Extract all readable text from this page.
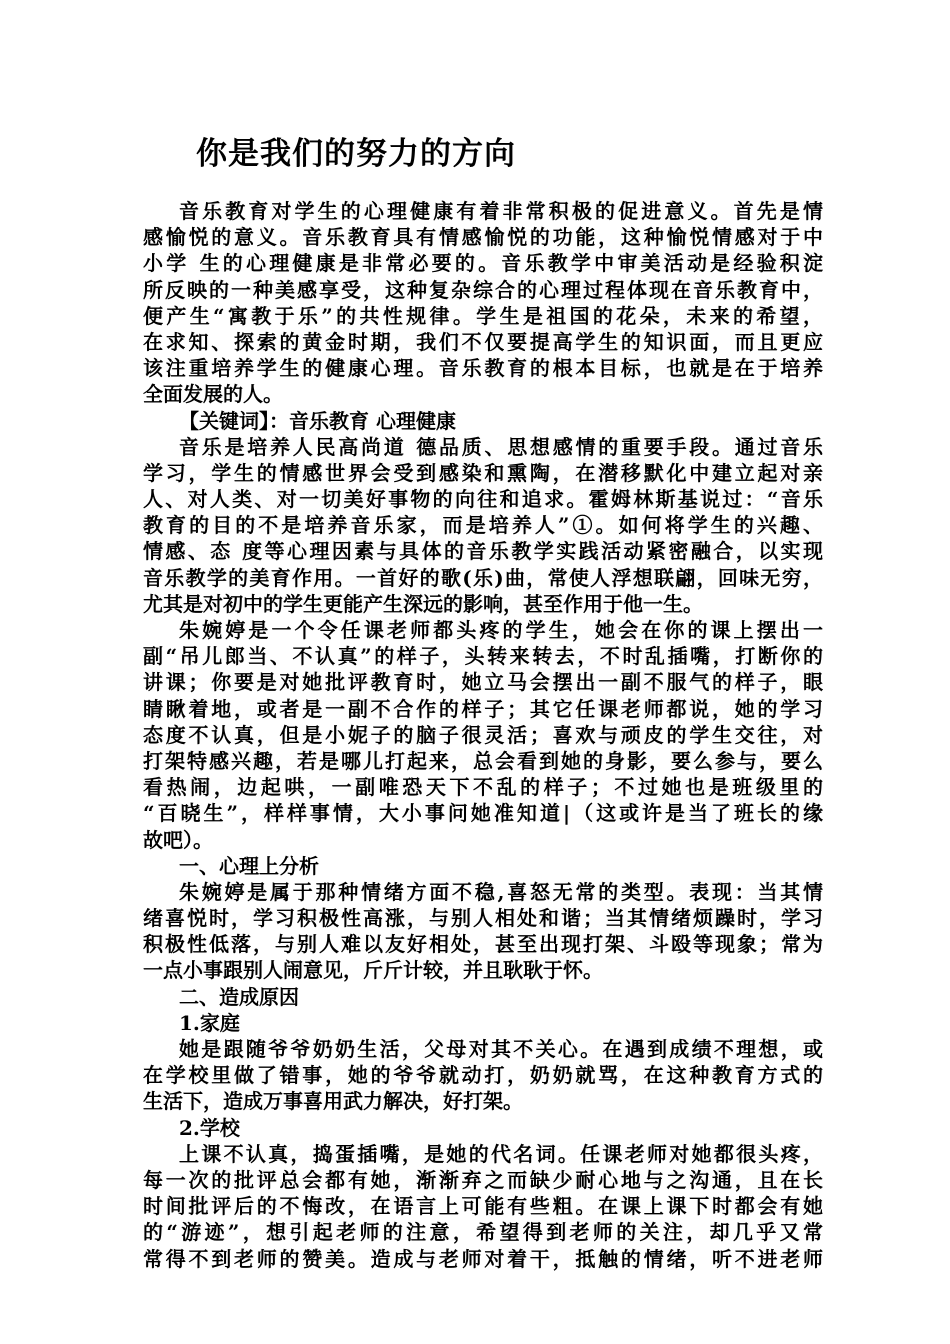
你是我们的努力的方向
音乐教育对学生的心理健康有着非常积极的促进意义。首先是情
感愉悦的意义。音乐教育具有情感愉悦的功能，这种愉悦情感对于中
小学 生的心理健康是非常必要的。音乐教学中审美活动是经验积淀
所反映的一种美感享受，这种复杂综合的心理过程体现在音乐教育中，
便产生“寓教于乐”的共性规律。学生是祖国的花朵，未来的希望，
在求知、探索的黄金时期，我们不仅要提高学生的知识面，而且更应
该注重培养学生的健康心理。音乐教育的根本目标，也就是在于培养
全面发展的人。
【关键词】：音乐教育 心理健康
音乐是培养人民高尚道 德品质、思想感情的重要手段。通过音乐
学习，学生的情感世界会受到感染和熏陶，在潜移默化中建立起对亲
人、对人类、对一切美好事物的向往和追求。霍姆林斯基说过：“音乐
教育的目的不是培养音乐家，而是培养人”①。如何将学生的兴趣、
情感、态 度等心理因素与具体的音乐教学实践活动紧密融合，以实现
音乐教学的美育作用。一首好的歌(乐)曲，常使人浮想联翩，回味无穷，
尤其是对初中的学生更能产生深远的影响，甚至作用于他一生。
朱婉婷是一个令任课老师都头疼的学生，她会在你的课上摆出一
副“吊儿郎当、不认真”的样子，头转来转去，不时乱插嘴，打断你的
讲课；你要是对她批评教育时，她立马会摆出一副不服气的样子，眼
睛瞅着地，或者是一副不合作的样子；其它任课老师都说，她的学习
态度不认真，但是小妮子的脑子很灵活；喜欢与顽皮的学生交往，对
打架特感兴趣，若是哪儿打起来，总会看到她的身影，要么参与，要么
看热闹，边起哄，一副唯恐天下不乱的样子；不过她也是班级里的
“百晓生”，样样事情，大小事问她准知道|（这或许是当了班长的缘
故吧）。
一、心理上分析
朱婉婷是属于那种情绪方面不稳,喜怒无常的类型。表现：当其情
绪喜悦时，学习积极性高涨，与别人相处和谐；当其情绪烦躁时，学习
积极性低落，与别人难以友好相处，甚至出现打架、斗殴等现象；常为
一点小事跟别人闹意见，斤斤计较，并且耿耿于怀。
二、造成原因
1.家庭
她是跟随爷爷奶奶生活，父母对其不关心。在遇到成绩不理想，或
在学校里做了错事，她的爷爷就动打，奶奶就骂，在这种教育方式的
生活下，造成万事喜用武力解决，好打架。
2.学校
上课不认真，捣蛋插嘴，是她的代名词。任课老师对她都很头疼，
每一次的批评总会都有她，渐渐弃之而缺少耐心地与之沟通，且在长
时间批评后的不悔改，在语言上可能有些粗。在课上课下时都会有她
的“游迹”，想引起老师的注意，希望得到老师的关注，却几乎又常
常得不到老师的赞美。造成与老师对着干，抵触的情绪，听不进老师
